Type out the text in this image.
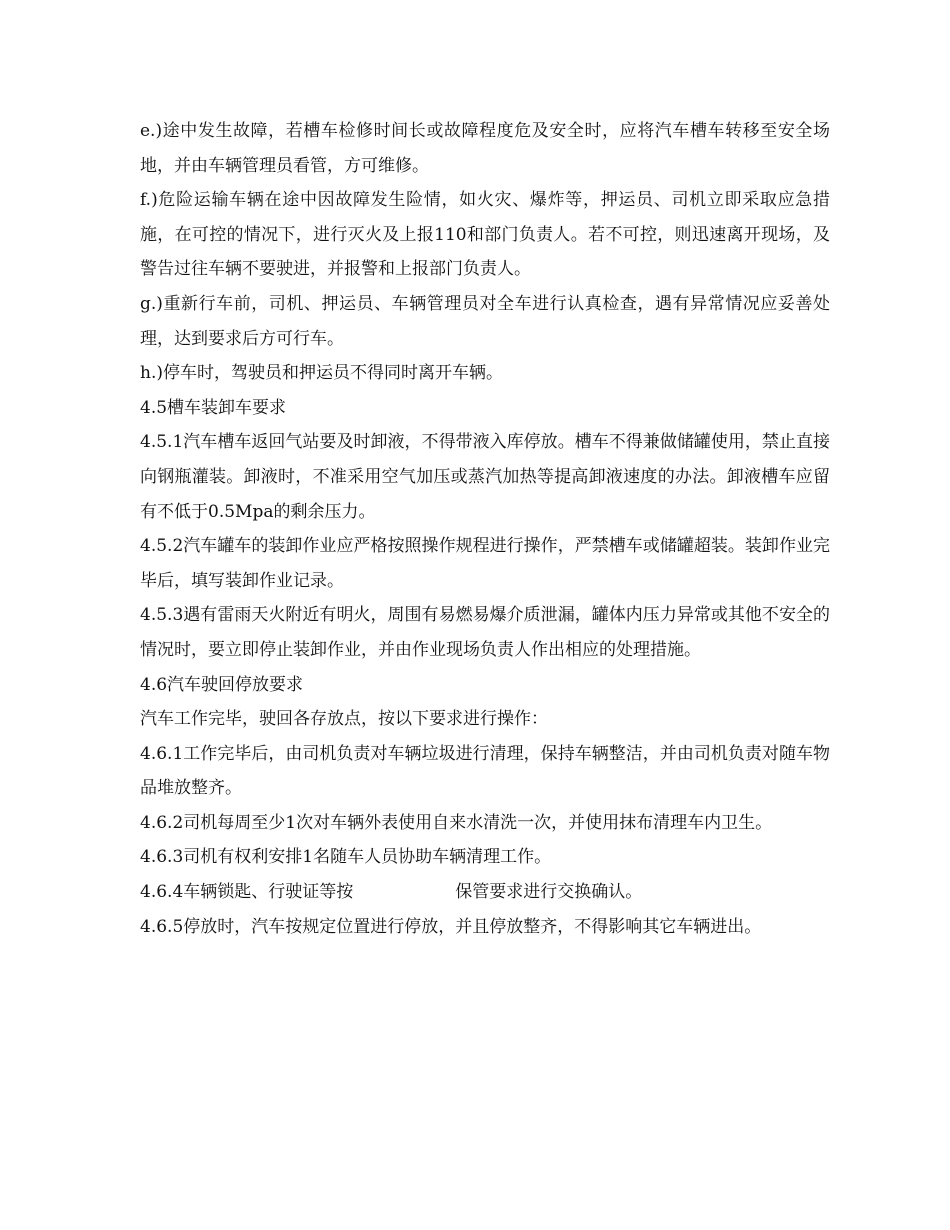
e.)途中发生故障，若槽车检修时间长或故障程度危及安全时，应将汽车槽车转移至安全场地，并由车辆管理员看管，方可维修。

f.)危险运输车辆在途中因故障发生险情，如火灾、爆炸等，押运员、司机立即采取应急措施，在可控的情况下，进行灭火及上报110和部门负责人。若不可控，则迅速离开现场，及警告过往车辆不要驶进，并报警和上报部门负责人。

g.)重新行车前，司机、押运员、车辆管理员对全车进行认真检查，遇有异常情况应妥善处理，达到要求后方可行车。

h.)停车时，驾驶员和押运员不得同时离开车辆。

4.5槽车装卸车要求

4.5.1汽车槽车返回气站要及时卸液，不得带液入库停放。槽车不得兼做储罐使用，禁止直接向钢瓶灌装。卸液时，不准采用空气加压或蒸汽加热等提高卸液速度的办法。卸液槽车应留有不低于0.5Mpa的剩余压力。

4.5.2汽车罐车的装卸作业应严格按照操作规程进行操作，严禁槽车或储罐超装。装卸作业完毕后，填写装卸作业记录。

4.5.3遇有雷雨天火附近有明火，周围有易燃易爆介质泄漏，罐体内压力异常或其他不安全的情况时，要立即停止装卸作业，并由作业现场负责人作出相应的处理措施。

4.6汽车驶回停放要求

汽车工作完毕，驶回各存放点，按以下要求进行操作：

4.6.1工作完毕后，由司机负责对车辆垃圾进行清理，保持车辆整洁，并由司机负责对随车物品堆放整齐。

4.6.2司机每周至少1次对车辆外表使用自来水清洗一次，并使用抹布清理车内卫生。

4.6.3司机有权利安排1名随车人员协助车辆清理工作。

4.6.4车辆锁匙、行驶证等按　　　　　　保管要求进行交换确认。

4.6.5停放时，汽车按规定位置进行停放，并且停放整齐，不得影响其它车辆进出。
